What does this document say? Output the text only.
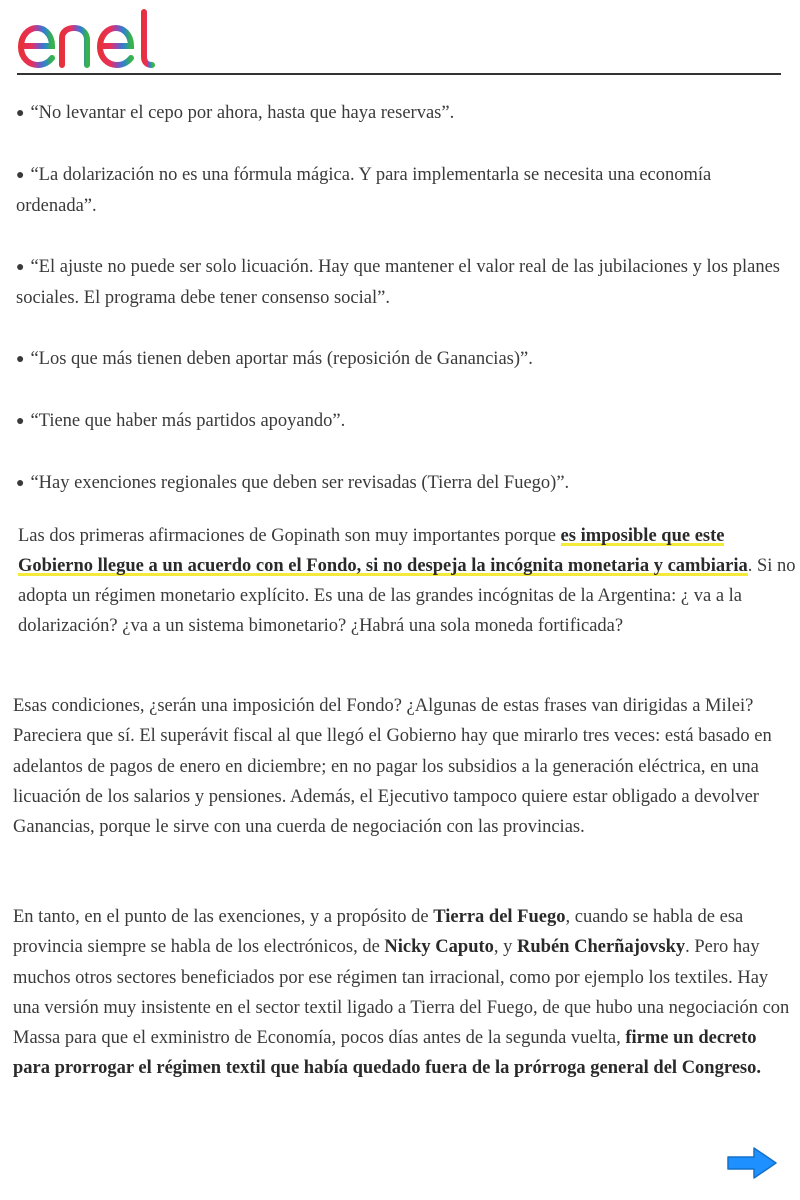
● “No levantar el cepo por ahora, hasta que haya reservas”.

● “La dolarización no es una fórmula mágica. Y para implementarla se necesita una economía ordenada”.

● “El ajuste no puede ser solo licuación. Hay que mantener el valor real de las jubilaciones y los planes sociales. El programa debe tener consenso social”.

● “Los que más tienen deben aportar más (reposición de Ganancias)”.

● “Tiene que haber más partidos apoyando”.

● “Hay exenciones regionales que deben ser revisadas (Tierra del Fuego)”.

Las dos primeras afirmaciones de Gopinath son muy importantes porque es imposible que este Gobierno llegue a un acuerdo con el Fondo, si no despeja la incógnita monetaria y cambiaria. Si no adopta un régimen monetario explícito. Es una de las grandes incógnitas de la Argentina: ¿ va a la dolarización? ¿va a un sistema bimonetario? ¿Habrá una sola moneda fortificada?

Esas condiciones, ¿serán una imposición del Fondo? ¿Algunas de estas frases van dirigidas a Milei? Pareciera que sí. El superávit fiscal al que llegó el Gobierno hay que mirarlo tres veces: está basado en adelantos de pagos de enero en diciembre; en no pagar los subsidios a la generación eléctrica, en una licuación de los salarios y pensiones. Además, el Ejecutivo tampoco quiere estar obligado a devolver Ganancias, porque le sirve con una cuerda de negociación con las provincias.

En tanto, en el punto de las exenciones, y a propósito de Tierra del Fuego, cuando se habla de esa provincia siempre se habla de los electrónicos, de Nicky Caputo, y Rubén Cherñajovsky. Pero hay muchos otros sectores beneficiados por ese régimen tan irracional, como por ejemplo los textiles. Hay una versión muy insistente en el sector textil ligado a Tierra del Fuego, de que hubo una negociación con Massa para que el exministro de Economía, pocos días antes de la segunda vuelta, firme un decreto para prorrogar el régimen textil que había quedado fuera de la prórroga general del Congreso.
